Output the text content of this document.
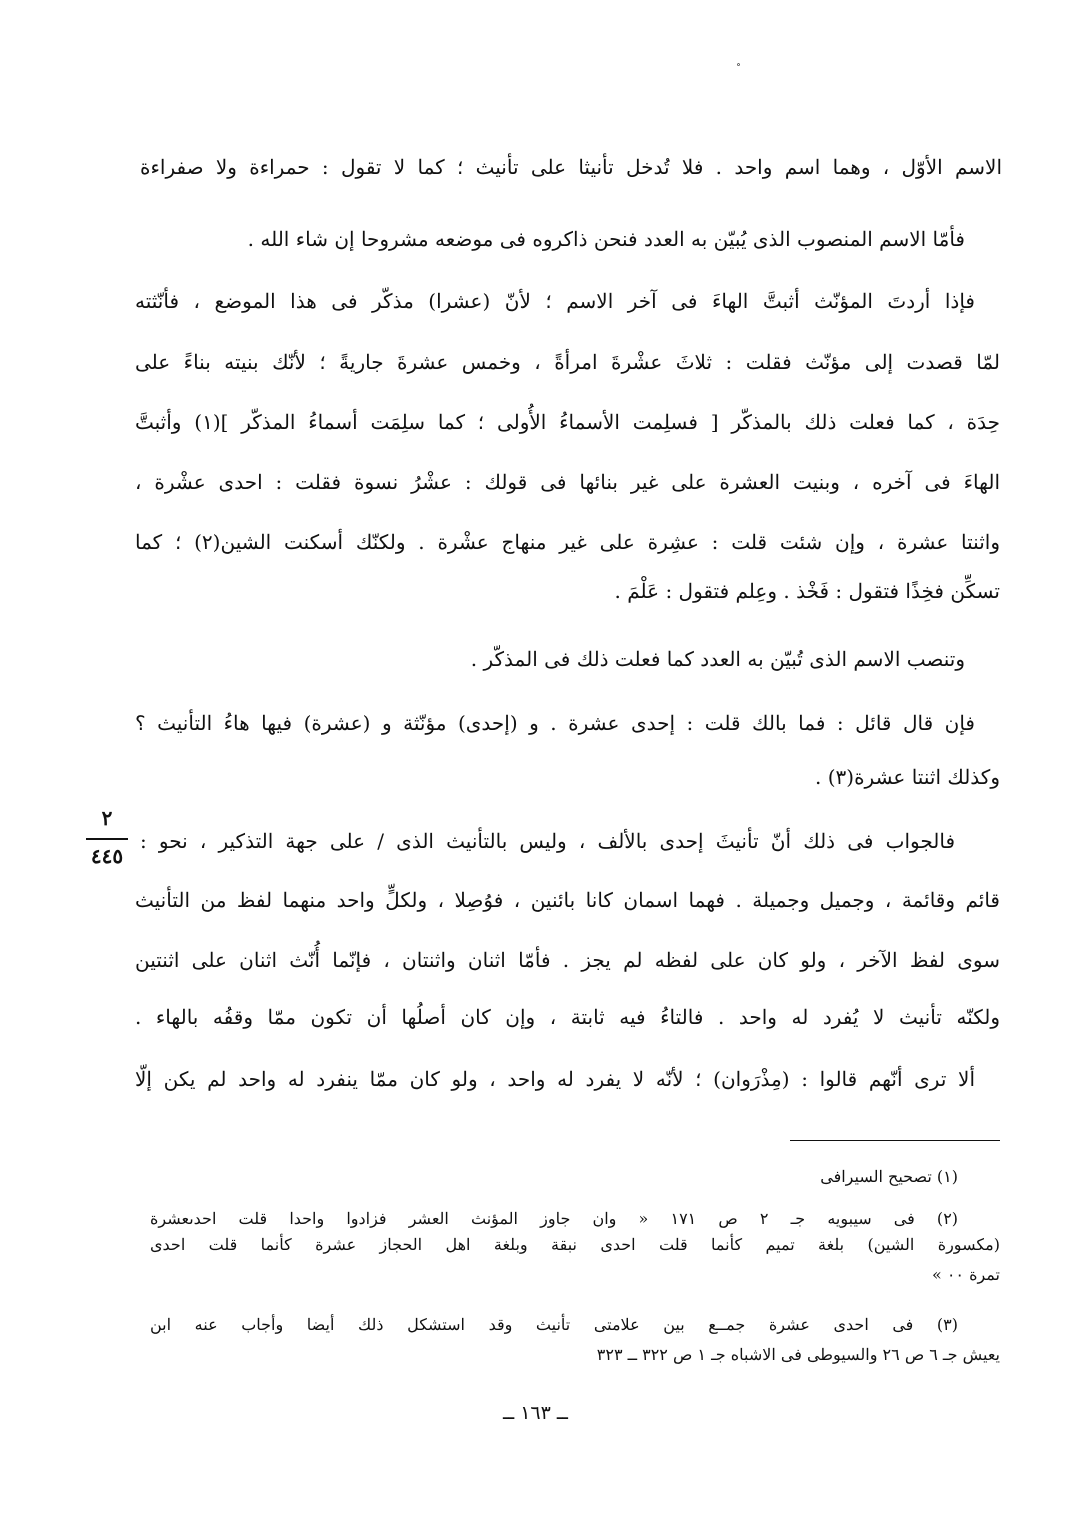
الاسم الأوّل ، وهما اسم واحد . فلا تُدخل تأنيثا على تأنيث ؛ كما لا تقول : حمراءة ولا صفراءة
فأمّا الاسم المنصوب الذى يُبيّن به العدد فنحن ذاكروه فى موضعه مشروحا إن شاء الله .
فإذا أردتَ المؤنّث أثبتَّ الهاءَ فى آخر الاسم ؛ لأنّ (عشرا) مذكّر فى هذا الموضع ، فأنّثته
لمّا قصدت إلى مؤنّث فقلت : ثلاثَ عشْرةَ امرأةً ، وخمس عشرةَ جاريةً ؛ لأنّك بنيته بناءً على
حِدَة ، كما فعلت ذلك بالمذكّر [ فسلِمت الأسماءُ الأُولى ؛ كما سلِمَت أسماءُ المذكّر ](١) وأثبتَّ
الهاءَ فى آخره ، وبنيت العشرة على غير بنائها فى قولك : عشْرُ نسوة فقلت : احدى عشْرة ،
واثنتا عشرة ، وإن شئت قلت : عشِرة على غير منهاج عشْرة . ولكنّك أسكنت الشين(٢) ؛ كما
تسكِّن فخِذًا فتقول : فَخْذ . وعِلم فتقول : عَلْمَ .
وتنصب الاسم الذى تُبيّن به العدد كما فعلت ذلك فى المذكّر .
فإن قال قائل : فما بالك قلت : إحدى عشرة . و (إحدى) مؤنّثة و (عشرة) فيها هاءُ التأنيث ؟
وكذلك اثنتا عشرة(٣) .
فالجواب فى ذلك أنّ تأنيثَ إحدى بالألف ، وليس بالتأنيث الذى / على جهة التذكير ، نحو :
قائم وقائمة ، وجميل وجميلة . فهما اسمان كانا بائنين ، فوُصِلا ، ولكلٍّ واحد منهما لفظ من التأنيث
سوى لفظ الآخر ، ولو كان على لفظه لم يجز . فأمّا اثنان واثنتان ، فإنّما أُنّث اثنان على اثنتين
ولكنّه تأنيث لا يُفرد له واحد . فالتاءُ فيه ثابتة ، وإن كان أصلُها أن تكون ممّا وقفُه بالهاء .
ألا ترى أنّهم قالوا : (مِذْرَوان) ؛ لأنّه لا يفرد له واحد ، ولو كان ممّا ينفرد له واحد لم يكن إلّا
٢
٤٤٥
(١) تصحيح السيرافى
(٢) فى سيبويه جـ ٢ ص ١٧١ « وان جاوز المؤنث العشر فزادوا واحدا قلت احدىعشرة
(مكسورة الشين) بلغة تميم كأنما قلت احدى نبقة وبلغة اهل الحجاز عشرة كأنما قلت احدى
تمرة ٠٠ »
(٣) فى احدى عشرة جمــع بين علامتى تأنيث وقد استشكل ذلك أيضا وأجاب عنه ابن
يعيش جـ ٦ ص ٢٦ والسيوطى فى الاشباه جـ ١ ص ٣٢٢ ــ ٣٢٣
ــ ١٦٣ ــ
